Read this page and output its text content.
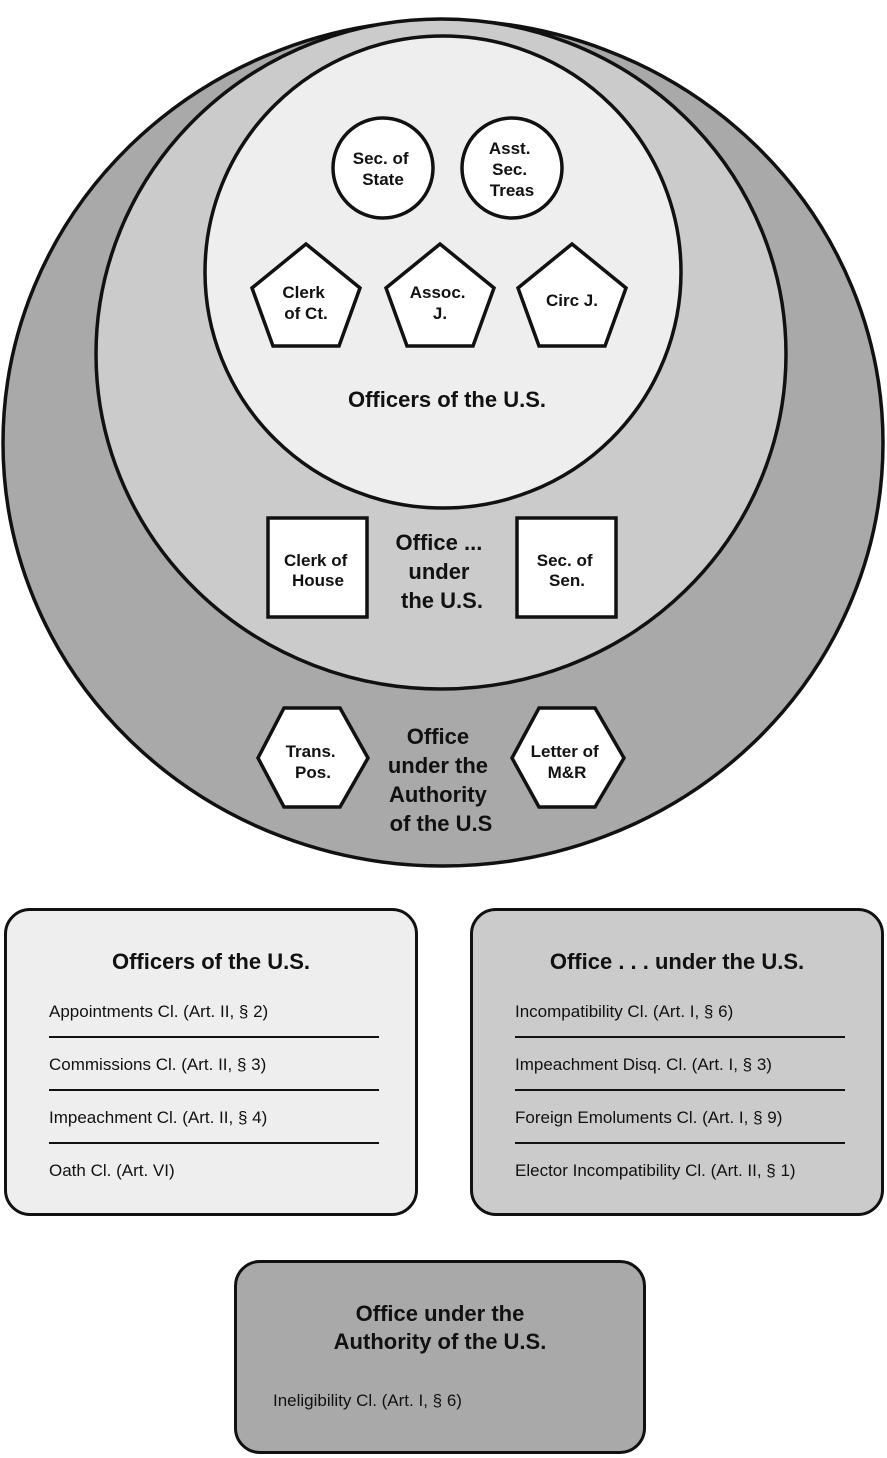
Sec. of State
Asst. Sec. Treas
Clerk of Ct.
Assoc. J.
Circ J.
Officers of the U.S.
Clerk of House
Sec. of Sen.
Office ... under the U.S.
Trans. Pos.
Letter of M&R
Office under the Authority of the U.S
Officers of the U.S.
Appointments Cl. (Art. II, § 2)
Commissions Cl. (Art. II, § 3)
Impeachment Cl. (Art. II, § 4)
Oath Cl. (Art. VI)
Office . . . under the U.S.
Incompatibility Cl. (Art. I, § 6)
Impeachment Disq. Cl. (Art. I, § 3)
Foreign Emoluments Cl. (Art. I, § 9)
Elector Incompatibility Cl. (Art. II, § 1)
Office under the
Authority of the U.S.
Ineligibility Cl. (Art. I, § 6)
